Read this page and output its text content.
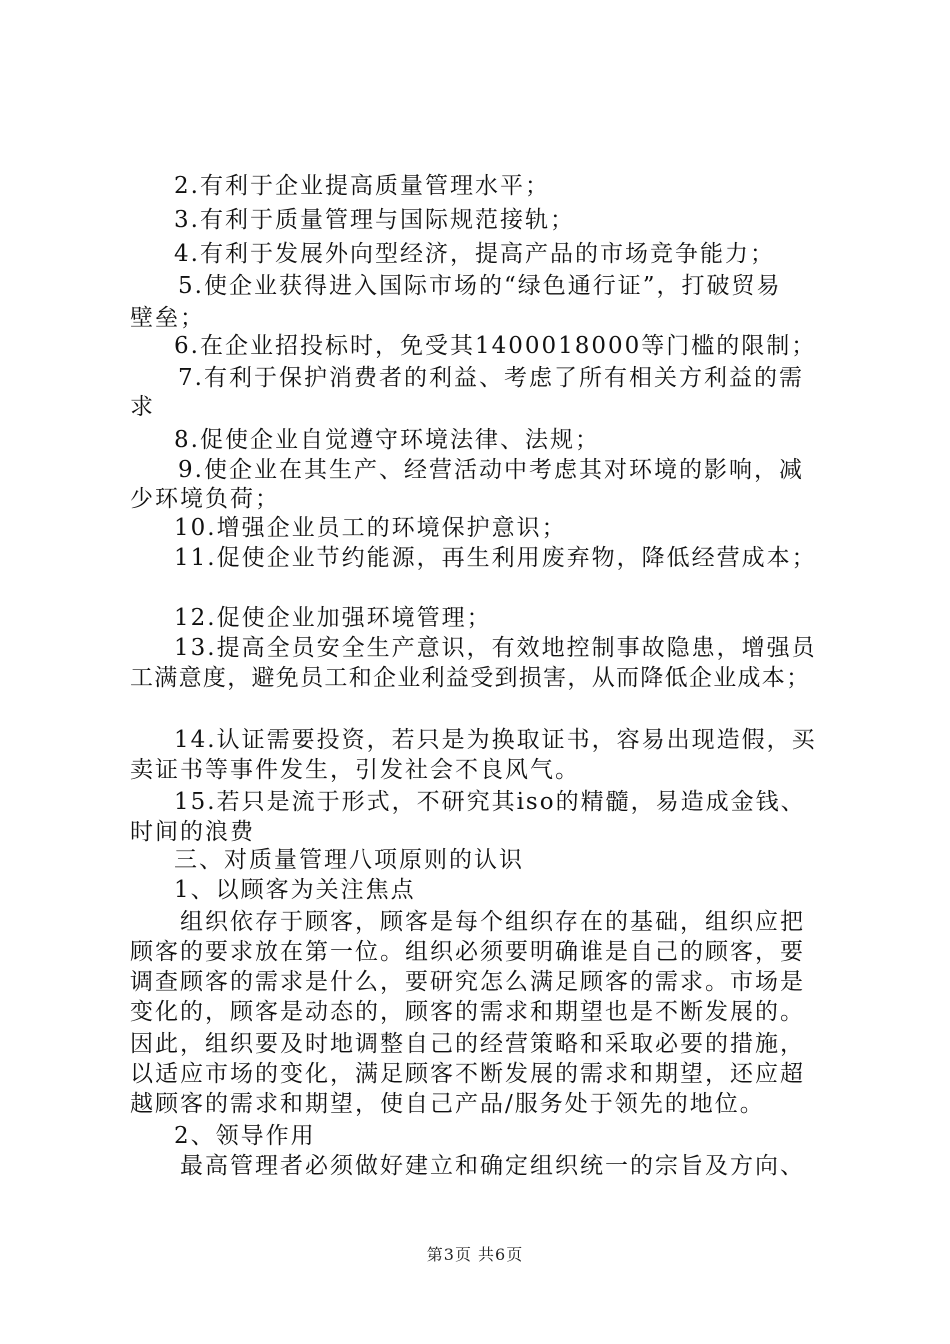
2.有利于企业提高质量管理水平；
3.有利于质量管理与国际规范接轨；
4.有利于发展外向型经济，提高产品的市场竞争能力；
5.使企业获得进入国际市场的“绿色通行证”，打破贸易
壁垒；
6.在企业招投标时，免受其1400018000等门槛的限制；
7.有利于保护消费者的利益、考虑了所有相关方利益的需
求
8.促使企业自觉遵守环境法律、法规；
9.使企业在其生产、经营活动中考虑其对环境的影响，减
少环境负荷；
10.增强企业员工的环境保护意识；
11.促使企业节约能源，再生利用废弃物，降低经营成本；
12.促使企业加强环境管理；
13.提高全员安全生产意识，有效地控制事故隐患，增强员
工满意度，避免员工和企业利益受到损害，从而降低企业成本；
14.认证需要投资，若只是为换取证书，容易出现造假，买
卖证书等事件发生，引发社会不良风气。
15.若只是流于形式，不研究其iso的精髓，易造成金钱、
时间的浪费
三、对质量管理八项原则的认识
1、以顾客为关注焦点
组织依存于顾客，顾客是每个组织存在的基础，组织应把
顾客的要求放在第一位。组织必须要明确谁是自己的顾客，要
调查顾客的需求是什么，要研究怎么满足顾客的需求。市场是
变化的，顾客是动态的，顾客的需求和期望也是不断发展的。
因此，组织要及时地调整自己的经营策略和采取必要的措施，
以适应市场的变化，满足顾客不断发展的需求和期望，还应超
越顾客的需求和期望，使自己产品/服务处于领先的地位。
2、领导作用
最高管理者必须做好建立和确定组织统一的宗旨及方向、
第3页 共6页
